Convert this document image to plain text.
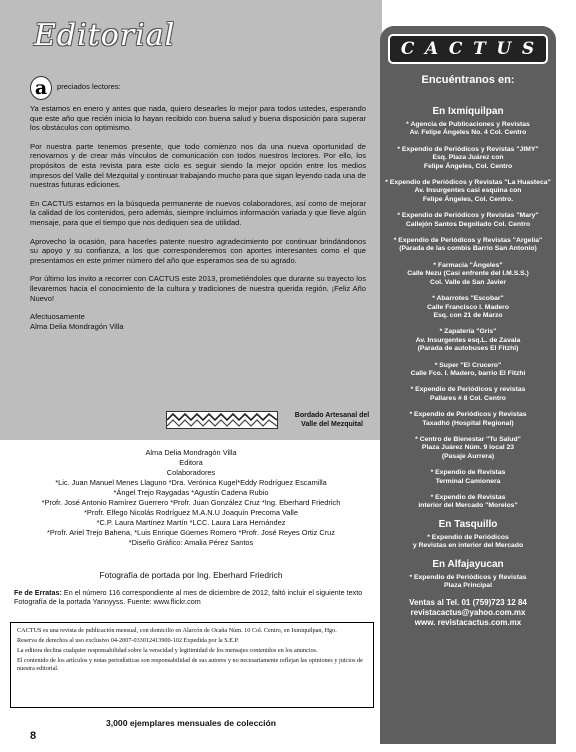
Editorial
a	preciados lectores:

Ya estamos en enero y antes que nada, quiero desearles lo mejor para todos ustedes, esperando que este año que recién inicia lo hayan recibido con buena salud y buena disposición para superar los obstáculos con optimismo.

Por nuestra parte tenemos presente, que todo comienzo nos da una nueva oportunidad de renovarnos y de crear más vínculos de comunicación con todos nuestros lectores. Por ello, los propósitos de esta revista para este ciclo es seguir siendo la mejor opción entre los medios impresos del Valle del Mezquital y continuar trabajando mucho para que sigan leyendo cada una de nuestras futuras ediciones.

En CACTUS estamos en la búsqueda permanente de nuevos colaboradores, así como de mejorar la calidad de los contenidos, pero además, siempre incluimos información variada y que lleve algún mensaje, para que el tiempo que nos dediquen sea de utilidad.

Aprovecho la ocasión, para hacerles patente nuestro agradecimiento por continuar brindándonos su apoyo y su confianza, a los que corresponderemos con aportes interesantes como el que presentamos en este primer número del año que esperamos sea de su agrado.

Por último los invito a recorrer con CACTUS este 2013, prometiéndoles que durante su trayecto los llevaremos hacia el conocimiento de la cultura y tradiciones de nuestra querida región. ¡Feliz Año Nuevo!

Afectuosamente
Alma Delia Mondragón Villa
Bordado Artesanal del
Valle del Mezquital
Alma Delia Mondragón Villa
Editora
Colaboradores
*Lic. Juan Manuel Menes Llaguno *Dra. Verónica Kugel*Eddy Rodríguez Escamilla
*Ángel Trejo Raygadas *Agustín Cadena Rubio
*Profr. José Antonio Ramírez Guerrero *Profr. Juan González Cruz *Ing. Eberhard Friedrich
*Profr. Elfego Nicolás Rodríguez M.A.N.U Joaquín Precoma Valle
*C.P. Laura Martínez Martín *LCC. Laura Lara Hernández
*Profr. Ariel Trejo Bahena, *Luis Enrique Güemes Romero *Profr. José Reyes Ortiz Cruz
*Diseño Gráfico: Amalia Pérez Santos
Fotografía de portada por Ing. Eberhard Friedrich
Fe de Erratas: En el número 116 correspondiente al mes de diciembre de 2012, faltó incluir el siguiente texto
Fotografía de la portada Yannyyss. Fuente: www.flickr.com

CACTUS es una revista de publicación mensual, con domicilio en Alarcón de Ocaña Núm. 10 Col. Centro, en Ixmiquilpan, Hgo.

Reserva de derechos al uso exclusivo 04-2007-033012413900-102 Expedida por la S.E.P.

La editora declina cualquier responsabilidad sobre la veracidad y legitimidad de los mensajes contenidos en los anuncios.

El contenido de los artículos y notas periodísticas son responsabilidad de sus autores y no necesariamente reflejan las opiniones y juicios de nuestra editorial.

3,000 ejemplares mensuales de colección
8
C A C T U S
Encuéntranos en:
En Ixmiquilpan
* Agencia de Publicaciones y Revistas
Av. Felipe Ángeles No. 4 Col. Centro
* Expendio de Periódicos y Revistas "JIMY"
Esq. Plaza Juárez con
Felipe Ángeles, Col. Centro
* Expendio de Periódicos y Revistas "La Huasteca"
Av. Insurgentes casi esquina con
Felipe Ángeles, Col. Centro.
* Expendio de Periódicos y Revistas "Mary"
Callejón Santos Degollado Col. Centro
* Expendio de Periódicos y Revistas "Argelia"
(Parada de las combis Barrio San Antonio)
* Farmacia "Ángeles"
Calle Nezu (Casi enfrente del I.M.S.S.)
Col. Valle de San Javier
* Abarrotes "Escobar"
Calle Francisco I. Madero
Esq. con 21 de Marzo
* Zapatería "Gris"
Av. Insurgentes esq.L. de Zavala
(Parada de autobuses El Fitzhi)
* Super "El Crucero"
Calle Fco. I. Madero, barrio El Fitzhi
* Expendio de Periódicos y revistas
Pallares # 8 Col. Centro
* Expendio de Periódicos y Revistas
Taxadhó (Hospital Regional)
* Centro de Bienestar "Tu Salud"
Plaza Juárez Núm. 9 local 23
(Pasaje Aurrera)
* Expendio de Revistas
Terminal Camionera
* Expendio de Revistas
interior del Mercado "Morelos"
En Tasquillo
* Expendio de Periódicos
y Revistas en interior del Mercado
En Alfajayucan
* Expendio de Periódicos y Revistas
Plaza Principal
Ventas al Tel. 01 (759)723 12 84
revistacactus@yahoo.com.mx
www. revistacactus.com.mx
